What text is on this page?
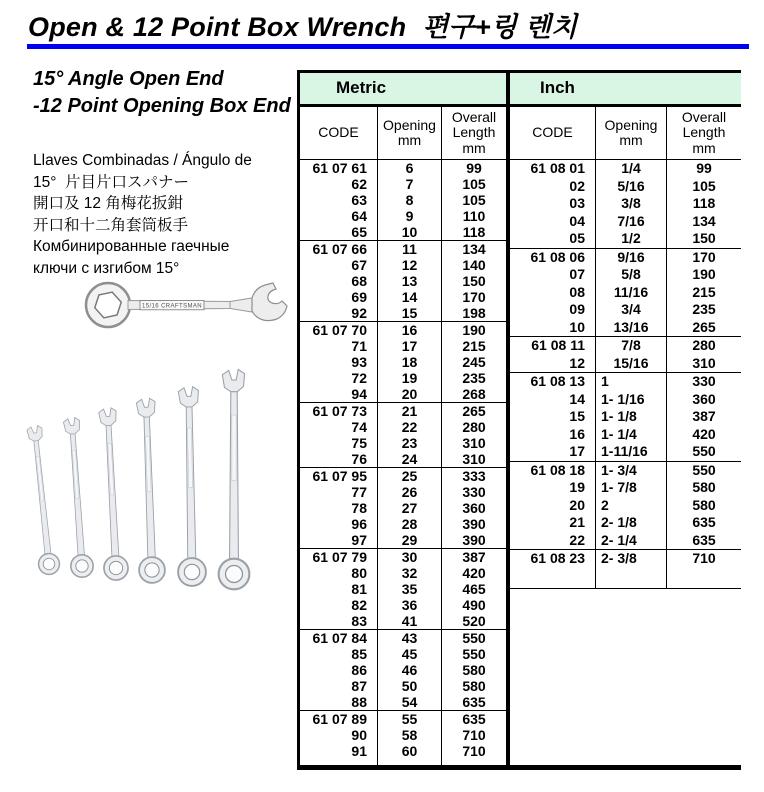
Open & 12 Point Box Wrench 편구+링 렌치
15° Angle Open End
-12 Point Opening Box End
Llaves Combinadas / Ángulo de
15°  片目片口スパナー
開口及 12 角梅花扳鉗
开口和十二角套筒板手
Комбинированные гаечные
ключи с изгибом 15°
15/16 CRAFTSMAN
Metric
CODE Opening
mm
Overall
Length
mm
61 07 61
62
63
64
65
6
7
8
9
10
99
105
105
110
118
61 07 66
67
68
69
92
11
12
13
14
15
134
140
150
170
198
61 07 70
71
93
72
94
16
17
18
19
20
190
215
245
235
268
61 07 73
74
75
76
21
22
23
24
265
280
310
310
61 07 95
77
78
96
97
25
26
27
28
29
333
330
360
390
390
61 07 79
80
81
82
83
30
32
35
36
41
387
420
465
490
520
61 07 84
85
86
87
88
43
45
46
50
54
550
550
580
580
635
61 07 89
90
91
55
58
60
635
710
710
Inch
CODE Opening
mm
Overall
Length
mm
61 08 01
02
03
04
05
1/4
5/16
3/8
7/16
1/2
99
105
118
134
150
61 08 06
07
08
09
10
9/16
5/8
11/16
3/4
13/16
170
190
215
235
265
61 08 11
12
7/8
15/16
280
310
61 08 13
14
15
16
17
1
1- 1/16
1- 1/8
1- 1/4
1-11/16
330
360
387
420
550
61 08 18
19
20
21
22
1- 3/4
1- 7/8
2
2- 1/8
2- 1/4
550
580
580
635
635
61 08 23	2- 3/8	710
